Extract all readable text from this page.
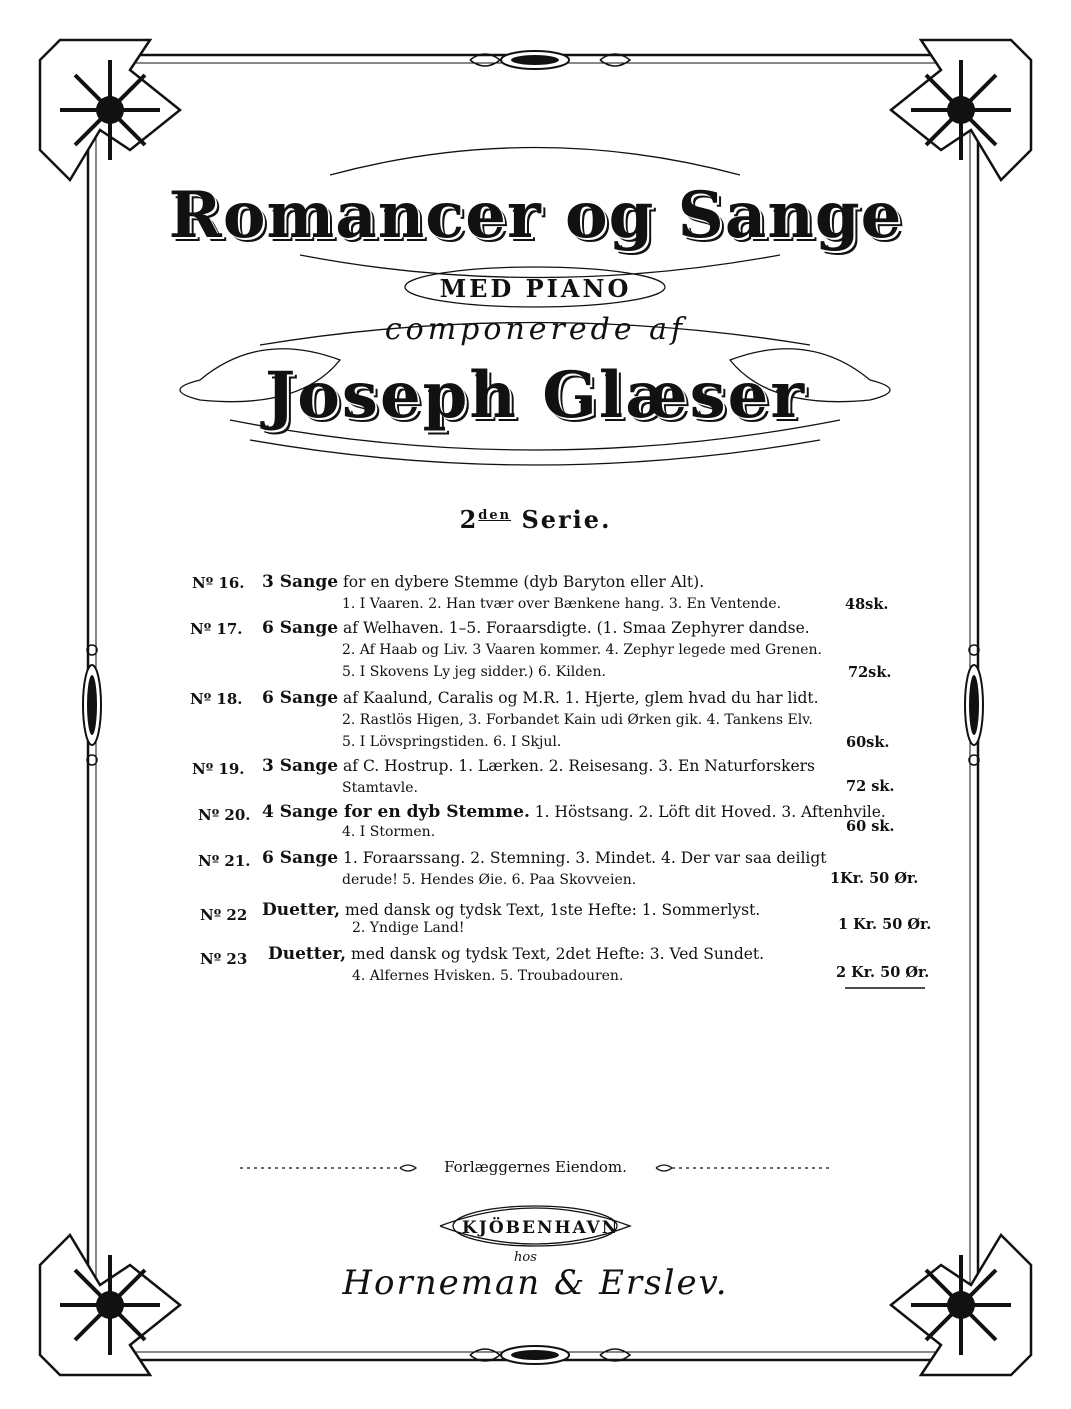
Romancer og Sange
MED PIANO
componerede af
Joseph Glæser
$2^{den}$ Serie.
Nº 16. 3 Sange for en dybere Stemme (dyb Baryton eller Alt).
1. I Vaaren. 2. Han tvær over Bænkene hang. 3. En Ventende.	48sk.
Nº 17. 6 Sange af Welhaven. 1–5. Foraarsdigte. (1. Smaa Zephyrer dandse.
2. Af Haab og Liv. 3 Vaaren kommer. 4. Zephyr legede med Grenen.
5. I Skovens Ly jeg sidder.) 6. Kilden.	72sk.
Nº 18. 6 Sange af Kaalund, Caralis og M.R. 1. Hjerte, glem hvad du har lidt.
2. Rastlös Higen, 3. Forbandet Kain udi Ørken gik. 4. Tankens Elv.
5. I Lövspringstiden. 6. I Skjul.	60sk.
Nº 19. 3 Sange af C. Hostrup. 1. Lærken. 2. Reisesang. 3. En Naturforskers
Stamtavle.	72 sk.
Nº 20. 4 Sange for en dyb Stemme. 1. Höstsang. 2. Löft dit Hoved. 3. Aftenhvile.
4. I Stormen.	60 sk.
Nº 21. 6 Sange 1. Foraarssang. 2. Stemning. 3. Mindet. 4. Der var saa deiligt
derude! 5. Hendes Øie. 6. Paa Skovveien.	1Kr. 50 Ør.
Nº 22 Duetter, med dansk og tydsk Text, 1ste Hefte: 1. Sommerlyst.
2. Yndige Land!	1 Kr. 50 Ør.
Nº 23 Duetter, med dansk og tydsk Text, 2det Hefte: 3. Ved Sundet.
4. Alfernes Hvisken. 5. Troubadouren.	2 Kr. 50 Ør.
Forlæggernes Eiendom.
KJÖBENHAVN
hos
Horneman & Erslev.
